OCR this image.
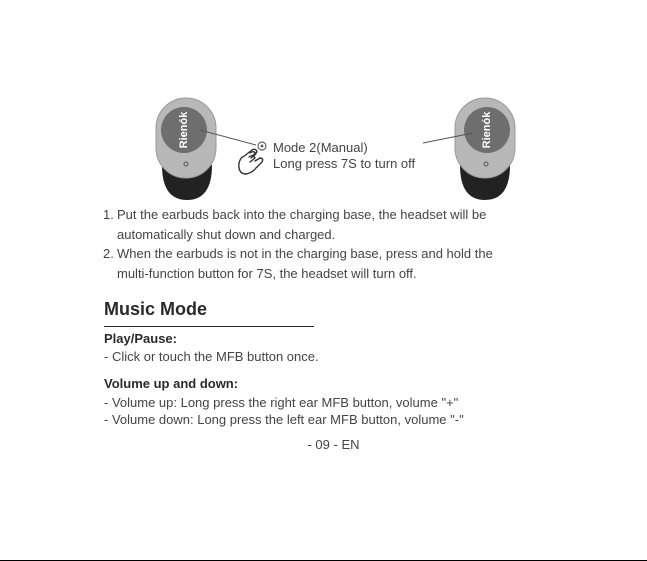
Rienók	Rienók
Mode 2(Manual)
Long press 7S to turn off
1. Put the earbuds back into the charging base, the headset will be
automatically shut down and charged.
2. When the earbuds is not in the charging base, press and hold the
multi-function button for 7S, the headset will turn off.
Music Mode
Play/Pause:
- Click or touch the MFB button once.
Volume up and down:
- Volume up: Long press the right ear MFB button, volume "+"
- Volume down: Long press the left ear MFB button, volume "-"
- 09 - EN
